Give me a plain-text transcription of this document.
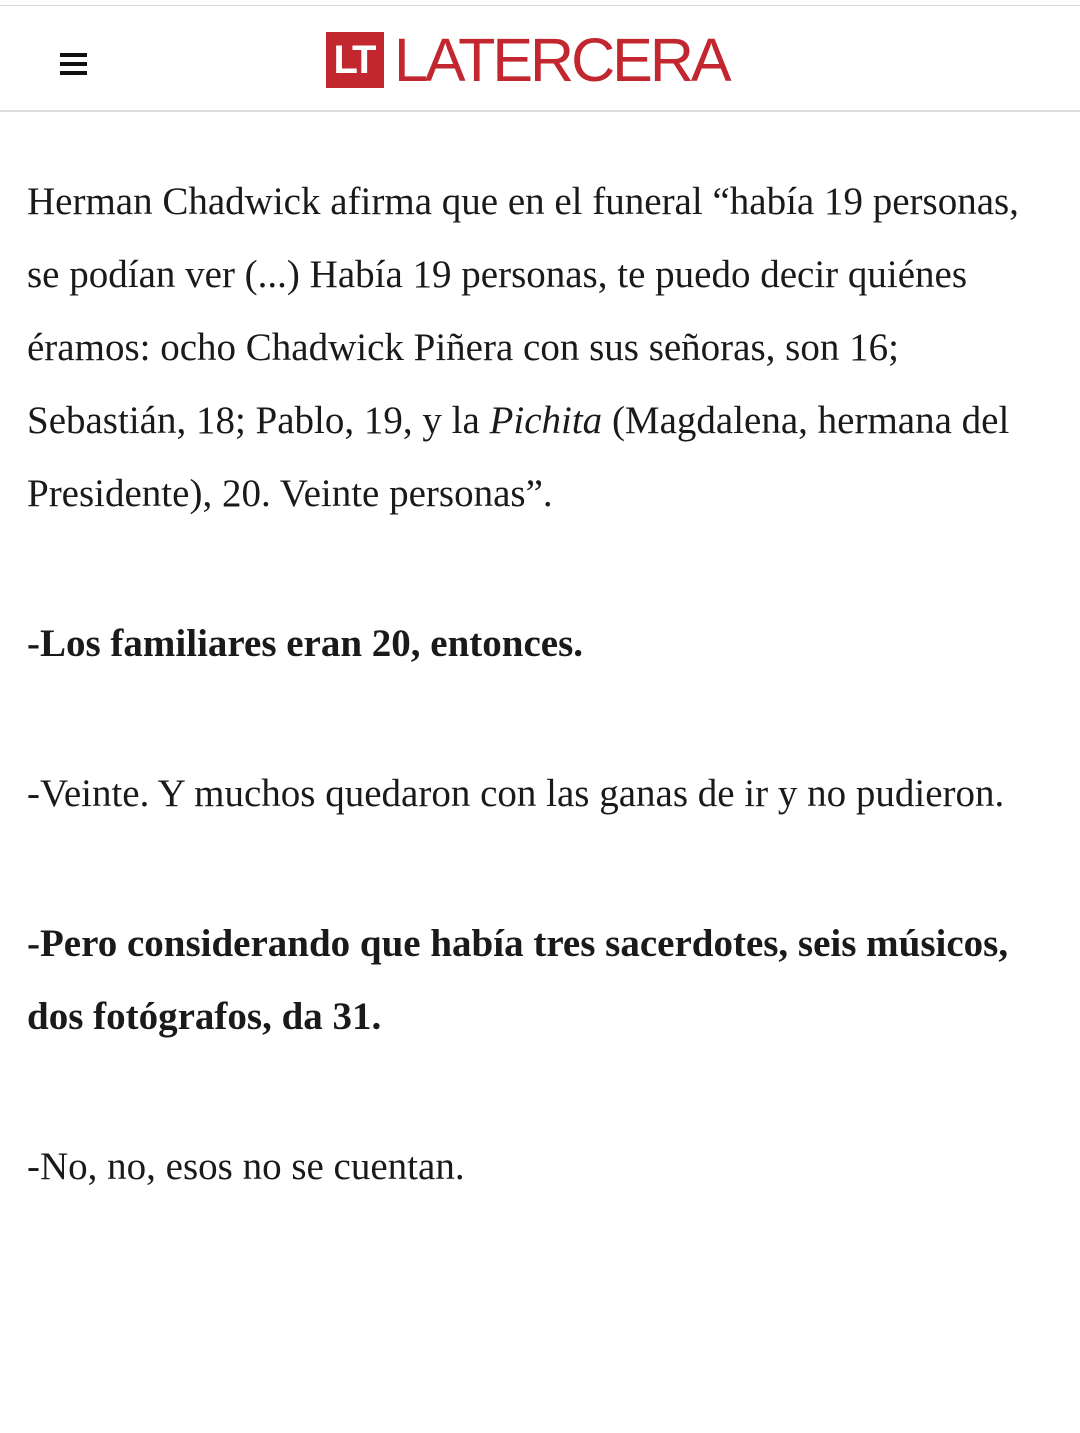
LT LATERCERA

Herman Chadwick afirma que en el funeral “había 19 personas, se podían ver (...) Había 19 personas, te puedo decir quiénes éramos: ocho Chadwick Piñera con sus señoras, son 16; Sebastián, 18; Pablo, 19, y la Pichita (Magdalena, hermana del Presidente), 20. Veinte personas”.

-Los familiares eran 20, entonces.

-Veinte. Y muchos quedaron con las ganas de ir y no pudieron.

-Pero considerando que había tres sacerdotes, seis músicos, dos fotógrafos, da 31.

-No, no, esos no se cuentan.
